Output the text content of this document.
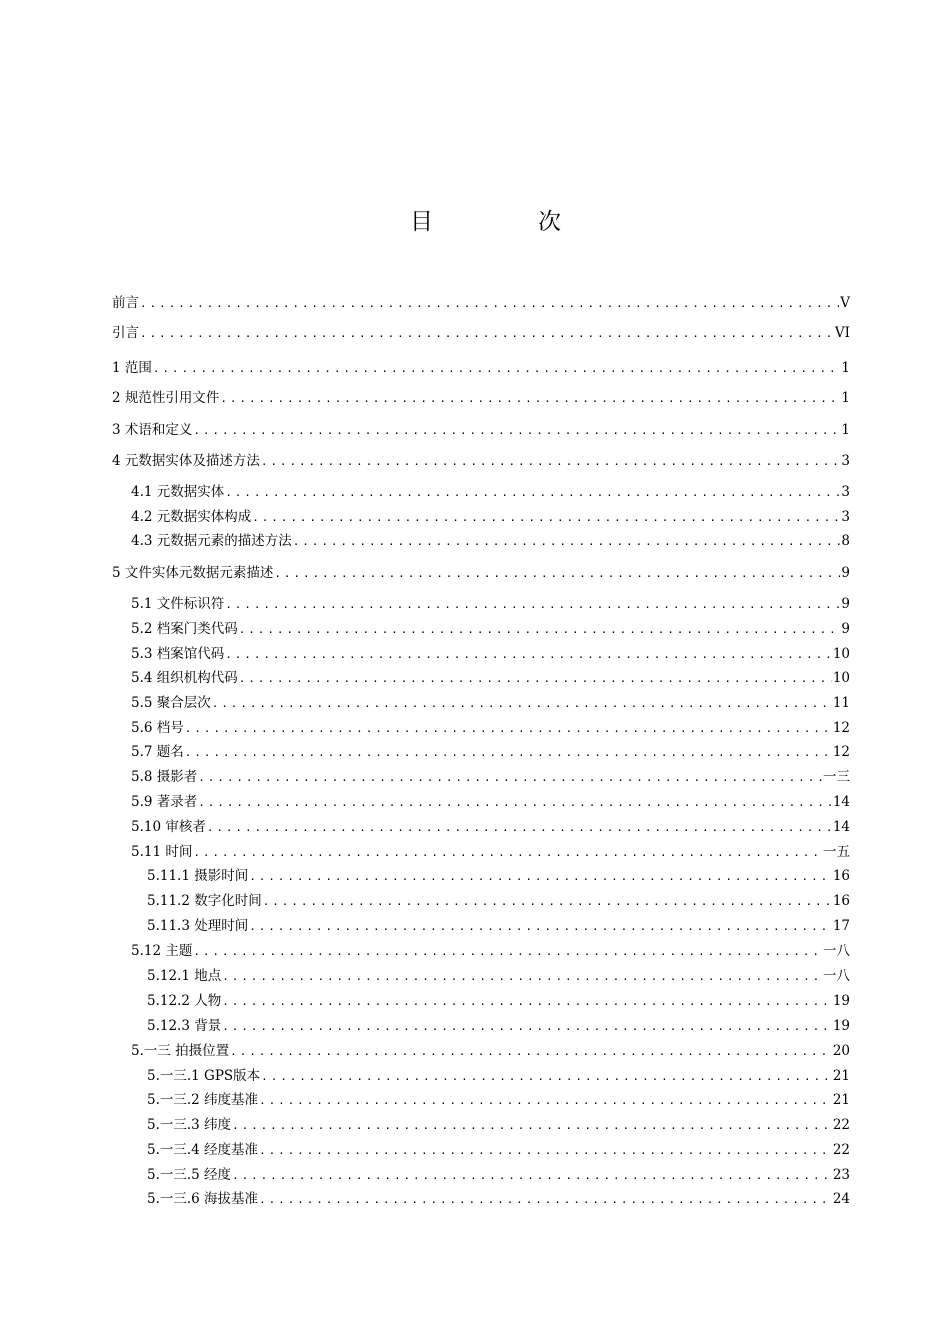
目	次
前言 .....	V
引言 .....	VI
1 范围 .....	1
2 规范性引用文件 .....	1
3 术语和定义 .....	1
4 元数据实体及描述方法 .....	3
4.1 元数据实体 .....	3
4.2 元数据实体构成 .....	3
4.3 元数据元素的描述方法 .....	8
5 文件实体元数据元素描述 .....	9
5.1 文件标识符 .....	9
5.2 档案门类代码 .....	9
5.3 档案馆代码 .....	10
5.4 组织机构代码 .....	10
5.5 聚合层次 .....	11
5.6 档号 .....	12
5.7 题名 .....	12
5.8 摄影者 .....	一三
5.9 著录者 .....	14
5.10 审核者 .....	14
5.11 时间 .....	一五
5.11.1 摄影时间 .....	16
5.11.2 数字化时间 .....	16
5.11.3 处理时间 .....	17
5.12 主题 .....	一八
5.12.1 地点 .....	一八
5.12.2 人物 .....	19
5.12.3 背景 .....	19
5.一三 拍摄位置 .....	20
5.一三.1 GPS版本 .....	21
5.一三.2 纬度基准 .....	21
5.一三.3 纬度 .....	22
5.一三.4 经度基准 .....	22
5.一三.5 经度 .....	23
5.一三.6 海拔基准 .....	24
